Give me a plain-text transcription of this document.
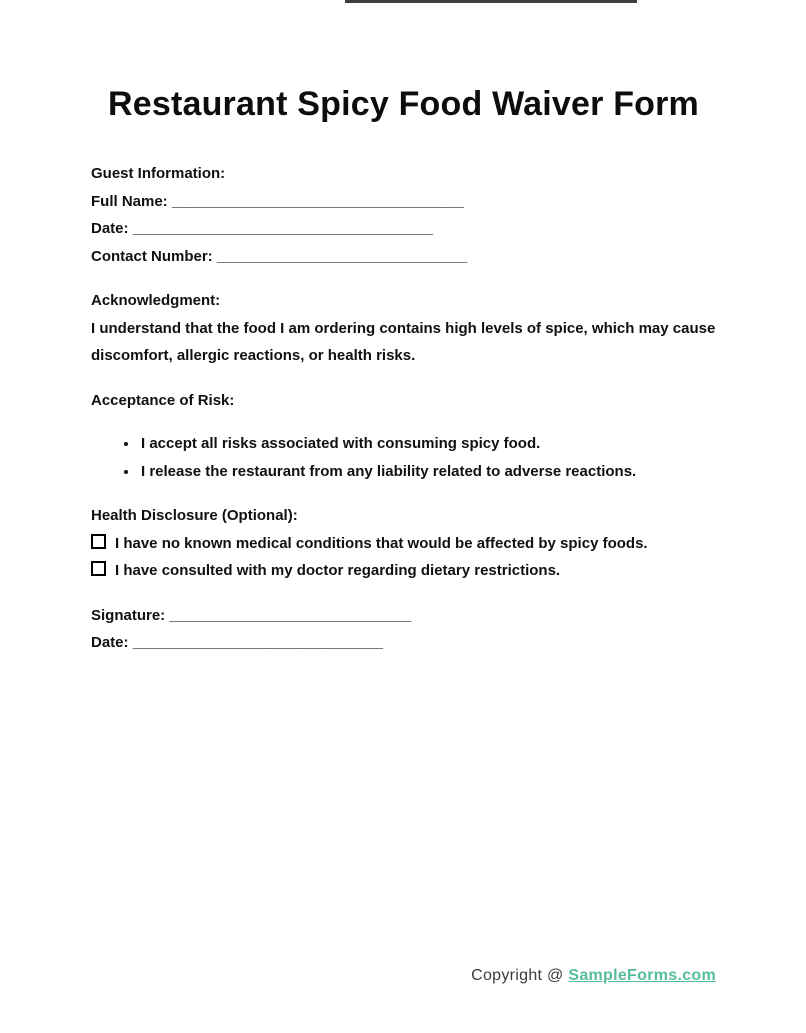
Restaurant Spicy Food Waiver Form
Guest Information:
Full Name: ___________________________________
Date: ____________________________________
Contact Number: ______________________________
Acknowledgment:
I understand that the food I am ordering contains high levels of spice, which may cause discomfort, allergic reactions, or health risks.
Acceptance of Risk:
• I accept all risks associated with consuming spicy food.
• I release the restaurant from any liability related to adverse reactions.
Health Disclosure (Optional):
I have no known medical conditions that would be affected by spicy foods.
I have consulted with my doctor regarding dietary restrictions.
Signature: _____________________________
Date: ______________________________
Copyright @ SampleForms.com
